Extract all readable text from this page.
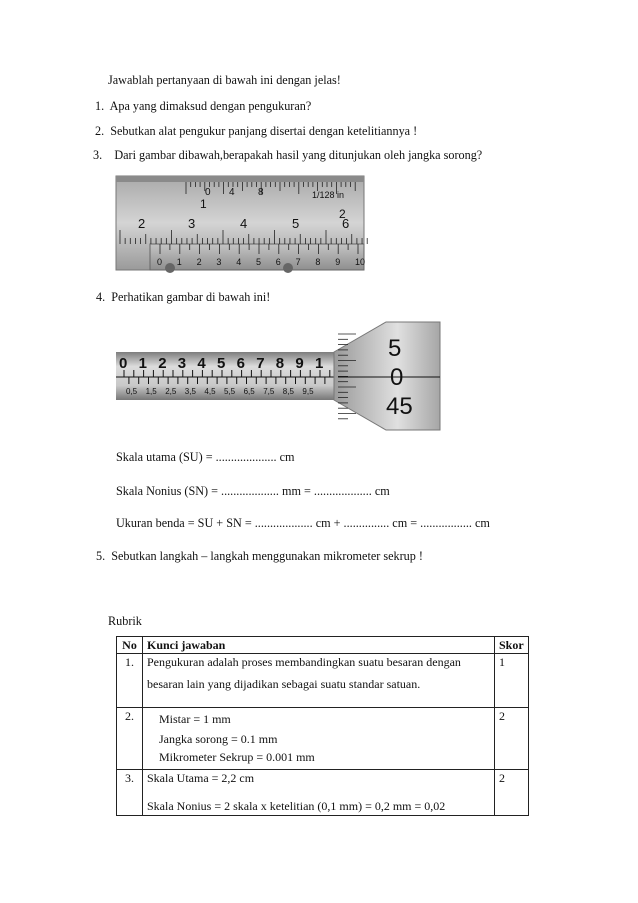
Jawablah pertanyaan di bawah ini dengan jelas!
1. Apa yang dimaksud dengan pengukuran?
2. Sebutkan alat pengukur panjang disertai dengan ketelitiannya !
3. Dari gambar dibawah,berapakah hasil yang ditunjukan oleh jangka sorong?
0 4 8	1/128 in
1
2
2	3	4	5	6
0 1 2 3 4 5 6 7 8 9 10
4. Perhatikan gambar di bawah ini!
0 1 2 3 4 5 6 7 8 9 1
0,5 1,5 2,5 3,5 4,5 5,5 6,5 7,5 8,5 9,5
5
0
45
Skala utama (SU) = .................... cm
Skala Nonius (SN) = ................... mm = ................... cm
Ukuran benda = SU + SN = ................... cm + ............... cm = ................. cm
5. Sebutkan langkah – langkah menggunakan mikrometer sekrup !
Rubrik
No	Kunci jawaban	Skor
1.	Pengukuran adalah proses membandingkan suatu besaran dengan
besaran lain yang dijadikan sebagai suatu standar satuan.	1
2.	Mistar = 1 mm
Jangka sorong = 0.1 mm
Mikrometer Sekrup = 0.001 mm	2
3.	Skala Utama = 2,2 cm
Skala Nonius = 2 skala x ketelitian (0,1 mm) = 0,2 mm = 0,02	2
